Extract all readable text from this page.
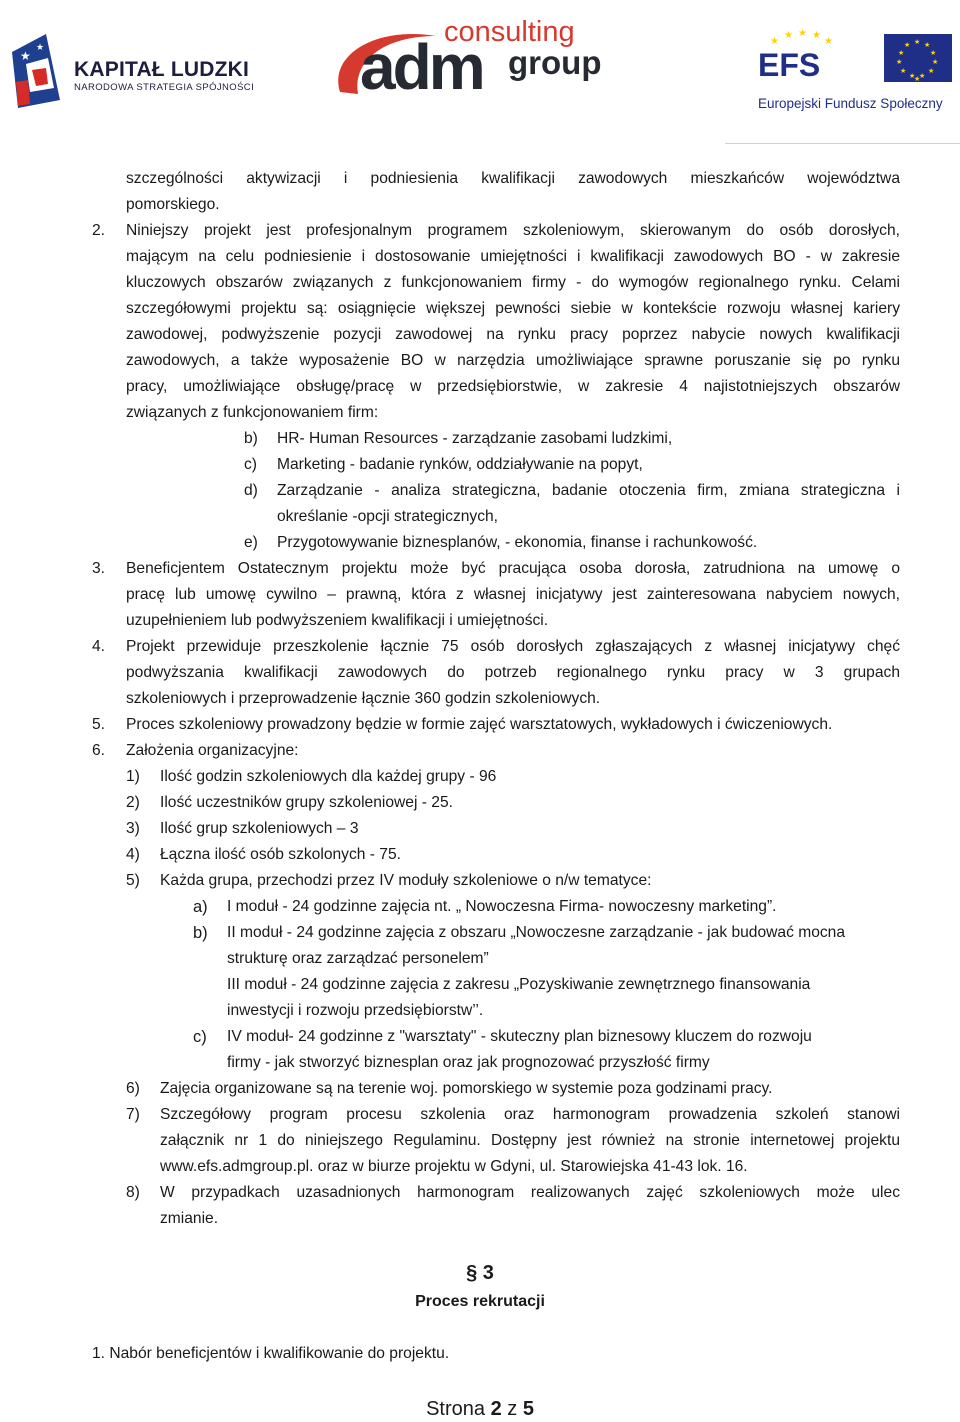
★
★
KAPITAŁ LUDZKI
NARODOWA STRATEGIA SPÓJNOŚCI
consulting
adm group	EFS
★
★ ★ ★
★	★ ★
★
★
★
★
★
★
★
★
★
★
Europejski Fundusz Społeczny

szczególności aktywizacji i podniesienia kwalifikacji zawodowych mieszkańców województwa

pomorskiego.

2. Niniejszy projekt jest profesjonalnym programem szkoleniowym, skierowanym do osób dorosłych,

mającym na celu podniesienie i dostosowanie umiejętności i kwalifikacji zawodowych BO - w zakresie

kluczowych obszarów związanych z funkcjonowaniem firmy - do wymogów regionalnego rynku. Celami

szczegółowymi projektu są: osiągnięcie większej pewności siebie w kontekście rozwoju własnej kariery

zawodowej, podwyższenie pozycji zawodowej na rynku pracy poprzez nabycie nowych kwalifikacji

zawodowych, a także wyposażenie BO w narzędzia umożliwiające sprawne poruszanie się po rynku

pracy, umożliwiające obsługę/pracę w przedsiębiorstwie, w zakresie 4 najistotniejszych obszarów

związanych z funkcjonowaniem firm:

b) HR- Human Resources - zarządzanie zasobami ludzkimi,

c) Marketing - badanie rynków, oddziaływanie na popyt,

d) Zarządzanie - analiza strategiczna, badanie otoczenia firm, zmiana strategiczna i

określanie -opcji strategicznych,

e) Przygotowywanie biznesplanów, - ekonomia, finanse i rachunkowość.

3. Beneficjentem Ostatecznym projektu może być pracująca osoba dorosła, zatrudniona na umowę o

pracę lub umowę cywilno – prawną, która z własnej inicjatywy jest zainteresowana nabyciem nowych,

uzupełnieniem lub podwyższeniem kwalifikacji i umiejętności.

4. Projekt przewiduje przeszkolenie łącznie 75 osób dorosłych zgłaszających z własnej inicjatywy chęć

podwyższania kwalifikacji zawodowych do potrzeb regionalnego rynku pracy w 3 grupach

szkoleniowych i przeprowadzenie łącznie 360 godzin szkoleniowych.

5. Proces szkoleniowy prowadzony będzie w formie zajęć warsztatowych, wykładowych i ćwiczeniowych.

6. Założenia organizacyjne:

1) Ilość godzin szkoleniowych dla każdej grupy - 96

2) Ilość uczestników grupy szkoleniowej - 25.

3) Ilość grup szkoleniowych – 3

4) Łączna ilość osób szkolonych - 75.

5) Każda grupa, przechodzi przez IV moduły szkoleniowe o n/w tematyce:

a) I moduł - 24 godzinne zajęcia nt. „ Nowoczesna Firma- nowoczesny marketing”.

b) II moduł - 24 godzinne zajęcia z obszaru „Nowoczesne zarządzanie - jak budować mocna

strukturę oraz zarządzać personelem”

III moduł - 24 godzinne zajęcia z zakresu „Pozyskiwanie zewnętrznego finansowania

inwestycji i rozwoju przedsiębiorstw’’.

c) IV moduł- 24 godzinne z "warsztaty" - skuteczny plan biznesowy kluczem do rozwoju

firmy - jak stworzyć biznesplan oraz jak prognozować przyszłość firmy

6) Zajęcia organizowane są na terenie woj. pomorskiego w systemie poza godzinami pracy.

7) Szczegółowy program procesu szkolenia oraz harmonogram prowadzenia szkoleń stanowi

załącznik nr 1 do niniejszego Regulaminu. Dostępny jest również na stronie internetowej projektu

www.efs.admgroup.pl. oraz w biurze projektu w Gdyni, ul. Starowiejska 41-43 lok. 16.

8) W przypadkach uzasadnionych harmonogram realizowanych zajęć szkoleniowych może ulec

zmianie.

§ 3
Proces rekrutacji

1. Nabór beneficjentów i kwalifikowanie do projektu.

Strona 2 z 5
